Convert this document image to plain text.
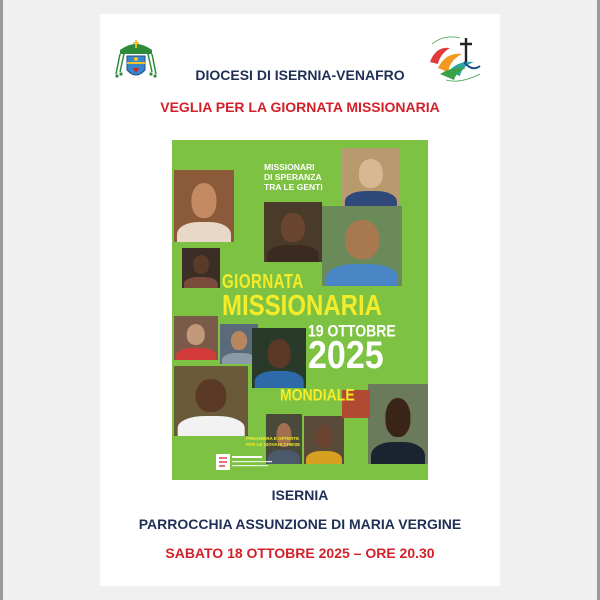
DIOCESI DI ISERNIA-VENAFRO
VEGLIA PER LA GIORNATA MISSIONARIA
MISSIONARI
DI SPERANZA
TRA LE GENTI
GIORNATA
MISSIONARIA
19 OTTOBRE
2025
MONDIALE
PREGHIERA E OFFERTE
PER LE GIOVANI CHIESE
ISERNIA
PARROCCHIA ASSUNZIONE DI MARIA VERGINE
SABATO 18 OTTOBRE 2025 – ORE 20.30
